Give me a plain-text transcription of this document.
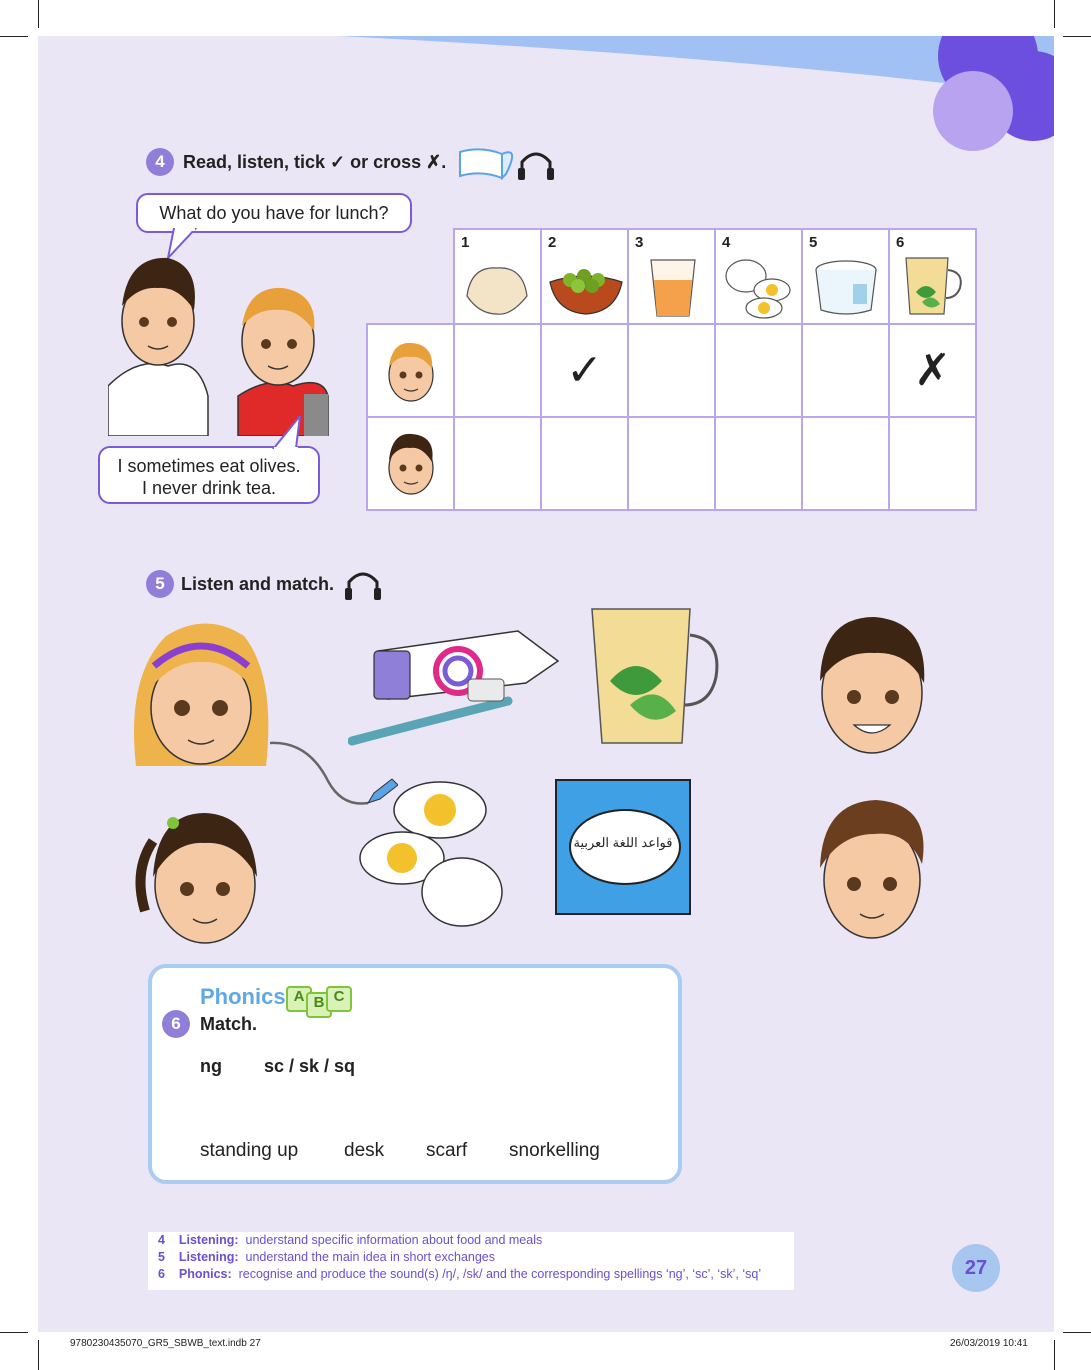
4	Read, listen, tick ✓ or cross ✗.
What do you have for lunch?
I sometimes eat olives.
I never drink tea.

	1	2	3	4	5	6

		✓				✗

5 Listen and match.
قواعد اللغة العربية
Phonics A B C
6	Match.
ng sc / sk / sq
standing up desk scarf snorkelling
4 Listening: understand specific information about food and meals
5 Listening: understand the main idea in short exchanges
6 Phonics: recognise and produce the sound(s) /ŋ/, /sk/ and the corresponding spellings ‘ng’, ‘sc’, ‘sk’, ‘sq’	27
9780230435070_GR5_SBWB_text.indb 27	26/03/2019 10:41
